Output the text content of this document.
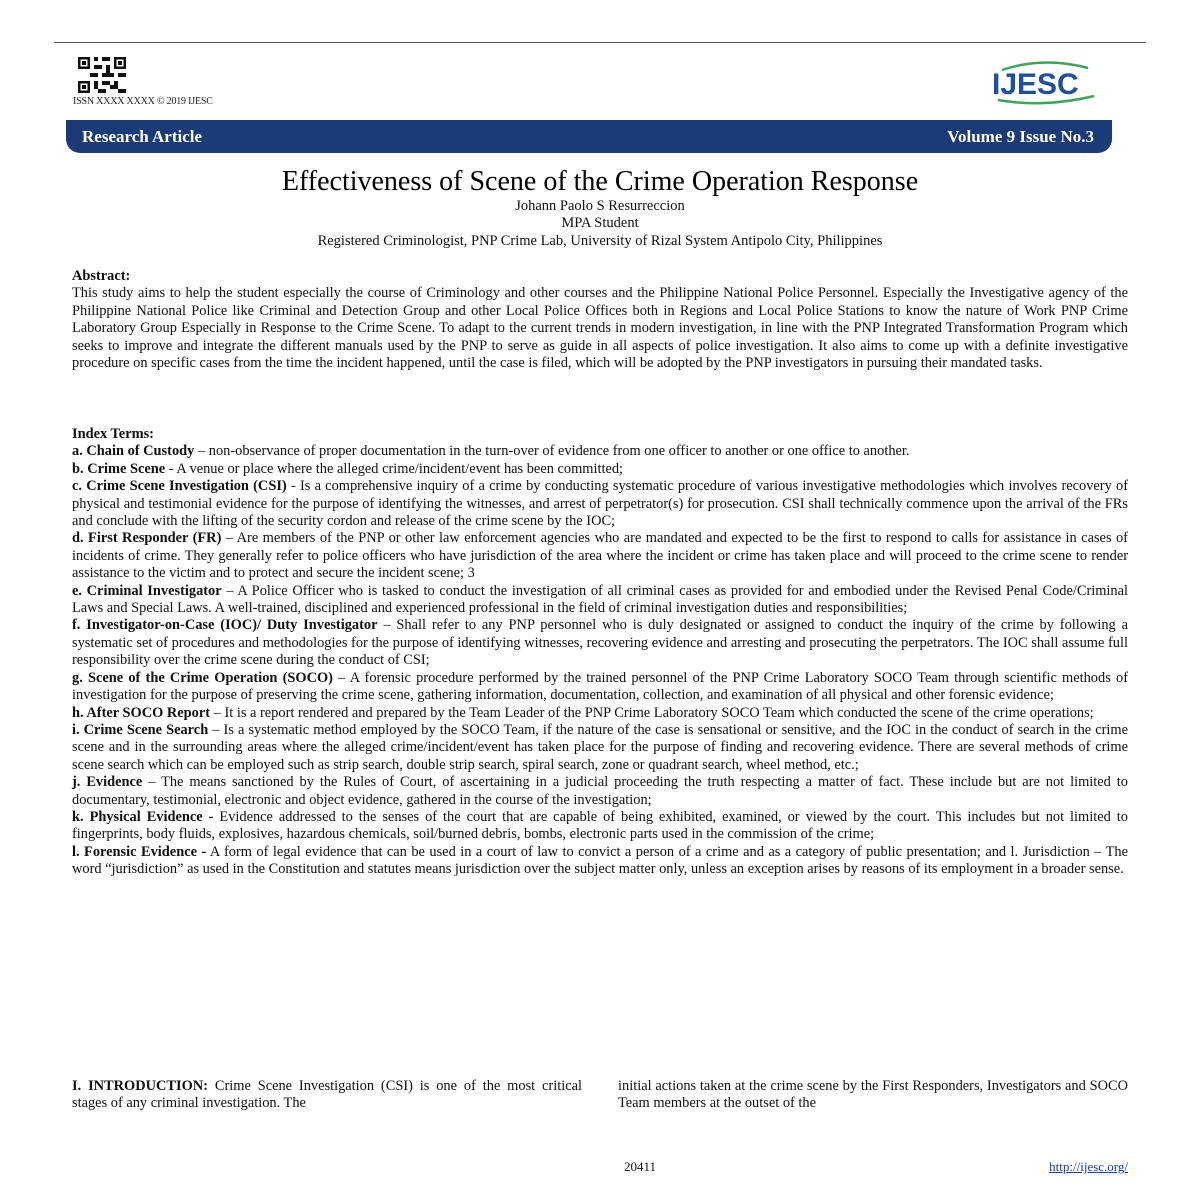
ISSN XXXX XXXX © 2019 IJESC
IJESC
Research Article	Volume 9 Issue No.3
Effectiveness of Scene of the Crime Operation Response
Johann Paolo S Resurreccion
MPA Student
Registered Criminologist, PNP Crime Lab, University of Rizal System Antipolo City, Philippines
Abstract:

This study aims to help the student especially the course of Criminology and other courses and the Philippine National Police Personnel. Especially the Investigative agency of the Philippine National Police like Criminal and Detection Group and other Local Police Offices both in Regions and Local Police Stations to know the nature of Work PNP Crime Laboratory Group Especially in Response to the Crime Scene. To adapt to the current trends in modern investigation, in line with the PNP Integrated Transformation Program which seeks to improve and integrate the different manuals used by the PNP to serve as guide in all aspects of police investigation. It also aims to come up with a definite investigative procedure on specific cases from the time the incident happened, until the case is filed, which will be adopted by the PNP investigators in pursuing their mandated tasks.

Index Terms:

a. Chain of Custody – non-observance of proper documentation in the turn-over of evidence from one officer to another or one office to another.

b. Crime Scene - A venue or place where the alleged crime/incident/event has been committed;

c. Crime Scene Investigation (CSI) - Is a comprehensive inquiry of a crime by conducting systematic procedure of various investigative methodologies which involves recovery of physical and testimonial evidence for the purpose of identifying the witnesses, and arrest of perpetrator(s) for prosecution. CSI shall technically commence upon the arrival of the FRs and conclude with the lifting of the security cordon and release of the crime scene by the IOC;

d. First Responder (FR) – Are members of the PNP or other law enforcement agencies who are mandated and expected to be the first to respond to calls for assistance in cases of incidents of crime. They generally refer to police officers who have jurisdiction of the area where the incident or crime has taken place and will proceed to the crime scene to render assistance to the victim and to protect and secure the incident scene; 3

e. Criminal Investigator – A Police Officer who is tasked to conduct the investigation of all criminal cases as provided for and embodied under the Revised Penal Code/Criminal Laws and Special Laws. A well-trained, disciplined and experienced professional in the field of criminal investigation duties and responsibilities;

f. Investigator-on-Case (IOC)/ Duty Investigator – Shall refer to any PNP personnel who is duly designated or assigned to conduct the inquiry of the crime by following a systematic set of procedures and methodologies for the purpose of identifying witnesses, recovering evidence and arresting and prosecuting the perpetrators. The IOC shall assume full responsibility over the crime scene during the conduct of CSI;

g. Scene of the Crime Operation (SOCO) – A forensic procedure performed by the trained personnel of the PNP Crime Laboratory SOCO Team through scientific methods of investigation for the purpose of preserving the crime scene, gathering information, documentation, collection, and examination of all physical and other forensic evidence;

h. After SOCO Report – It is a report rendered and prepared by the Team Leader of the PNP Crime Laboratory SOCO Team which conducted the scene of the crime operations;

i. Crime Scene Search – Is a systematic method employed by the SOCO Team, if the nature of the case is sensational or sensitive, and the IOC in the conduct of search in the crime scene and in the surrounding areas where the alleged crime/incident/event has taken place for the purpose of finding and recovering evidence. There are several methods of crime scene search which can be employed such as strip search, double strip search, spiral search, zone or quadrant search, wheel method, etc.;

j. Evidence – The means sanctioned by the Rules of Court, of ascertaining in a judicial proceeding the truth respecting a matter of fact. These include but are not limited to documentary, testimonial, electronic and object evidence, gathered in the course of the investigation;

k. Physical Evidence - Evidence addressed to the senses of the court that are capable of being exhibited, examined, or viewed by the court. This includes but not limited to fingerprints, body fluids, explosives, hazardous chemicals, soil/burned debris, bombs, electronic parts used in the commission of the crime;

l. Forensic Evidence - A form of legal evidence that can be used in a court of law to convict a person of a crime and as a category of public presentation; and l. Jurisdiction – The word “jurisdiction” as used in the Constitution and statutes means jurisdiction over the subject matter only, unless an exception arises by reasons of its employment in a broader sense.

I. INTRODUCTION: Crime Scene Investigation (CSI) is one of the most critical stages of any criminal investigation. The
initial actions taken at the crime scene by the First Responders, Investigators and SOCO Team members at the outset of the
20411	http://ijesc.org/
